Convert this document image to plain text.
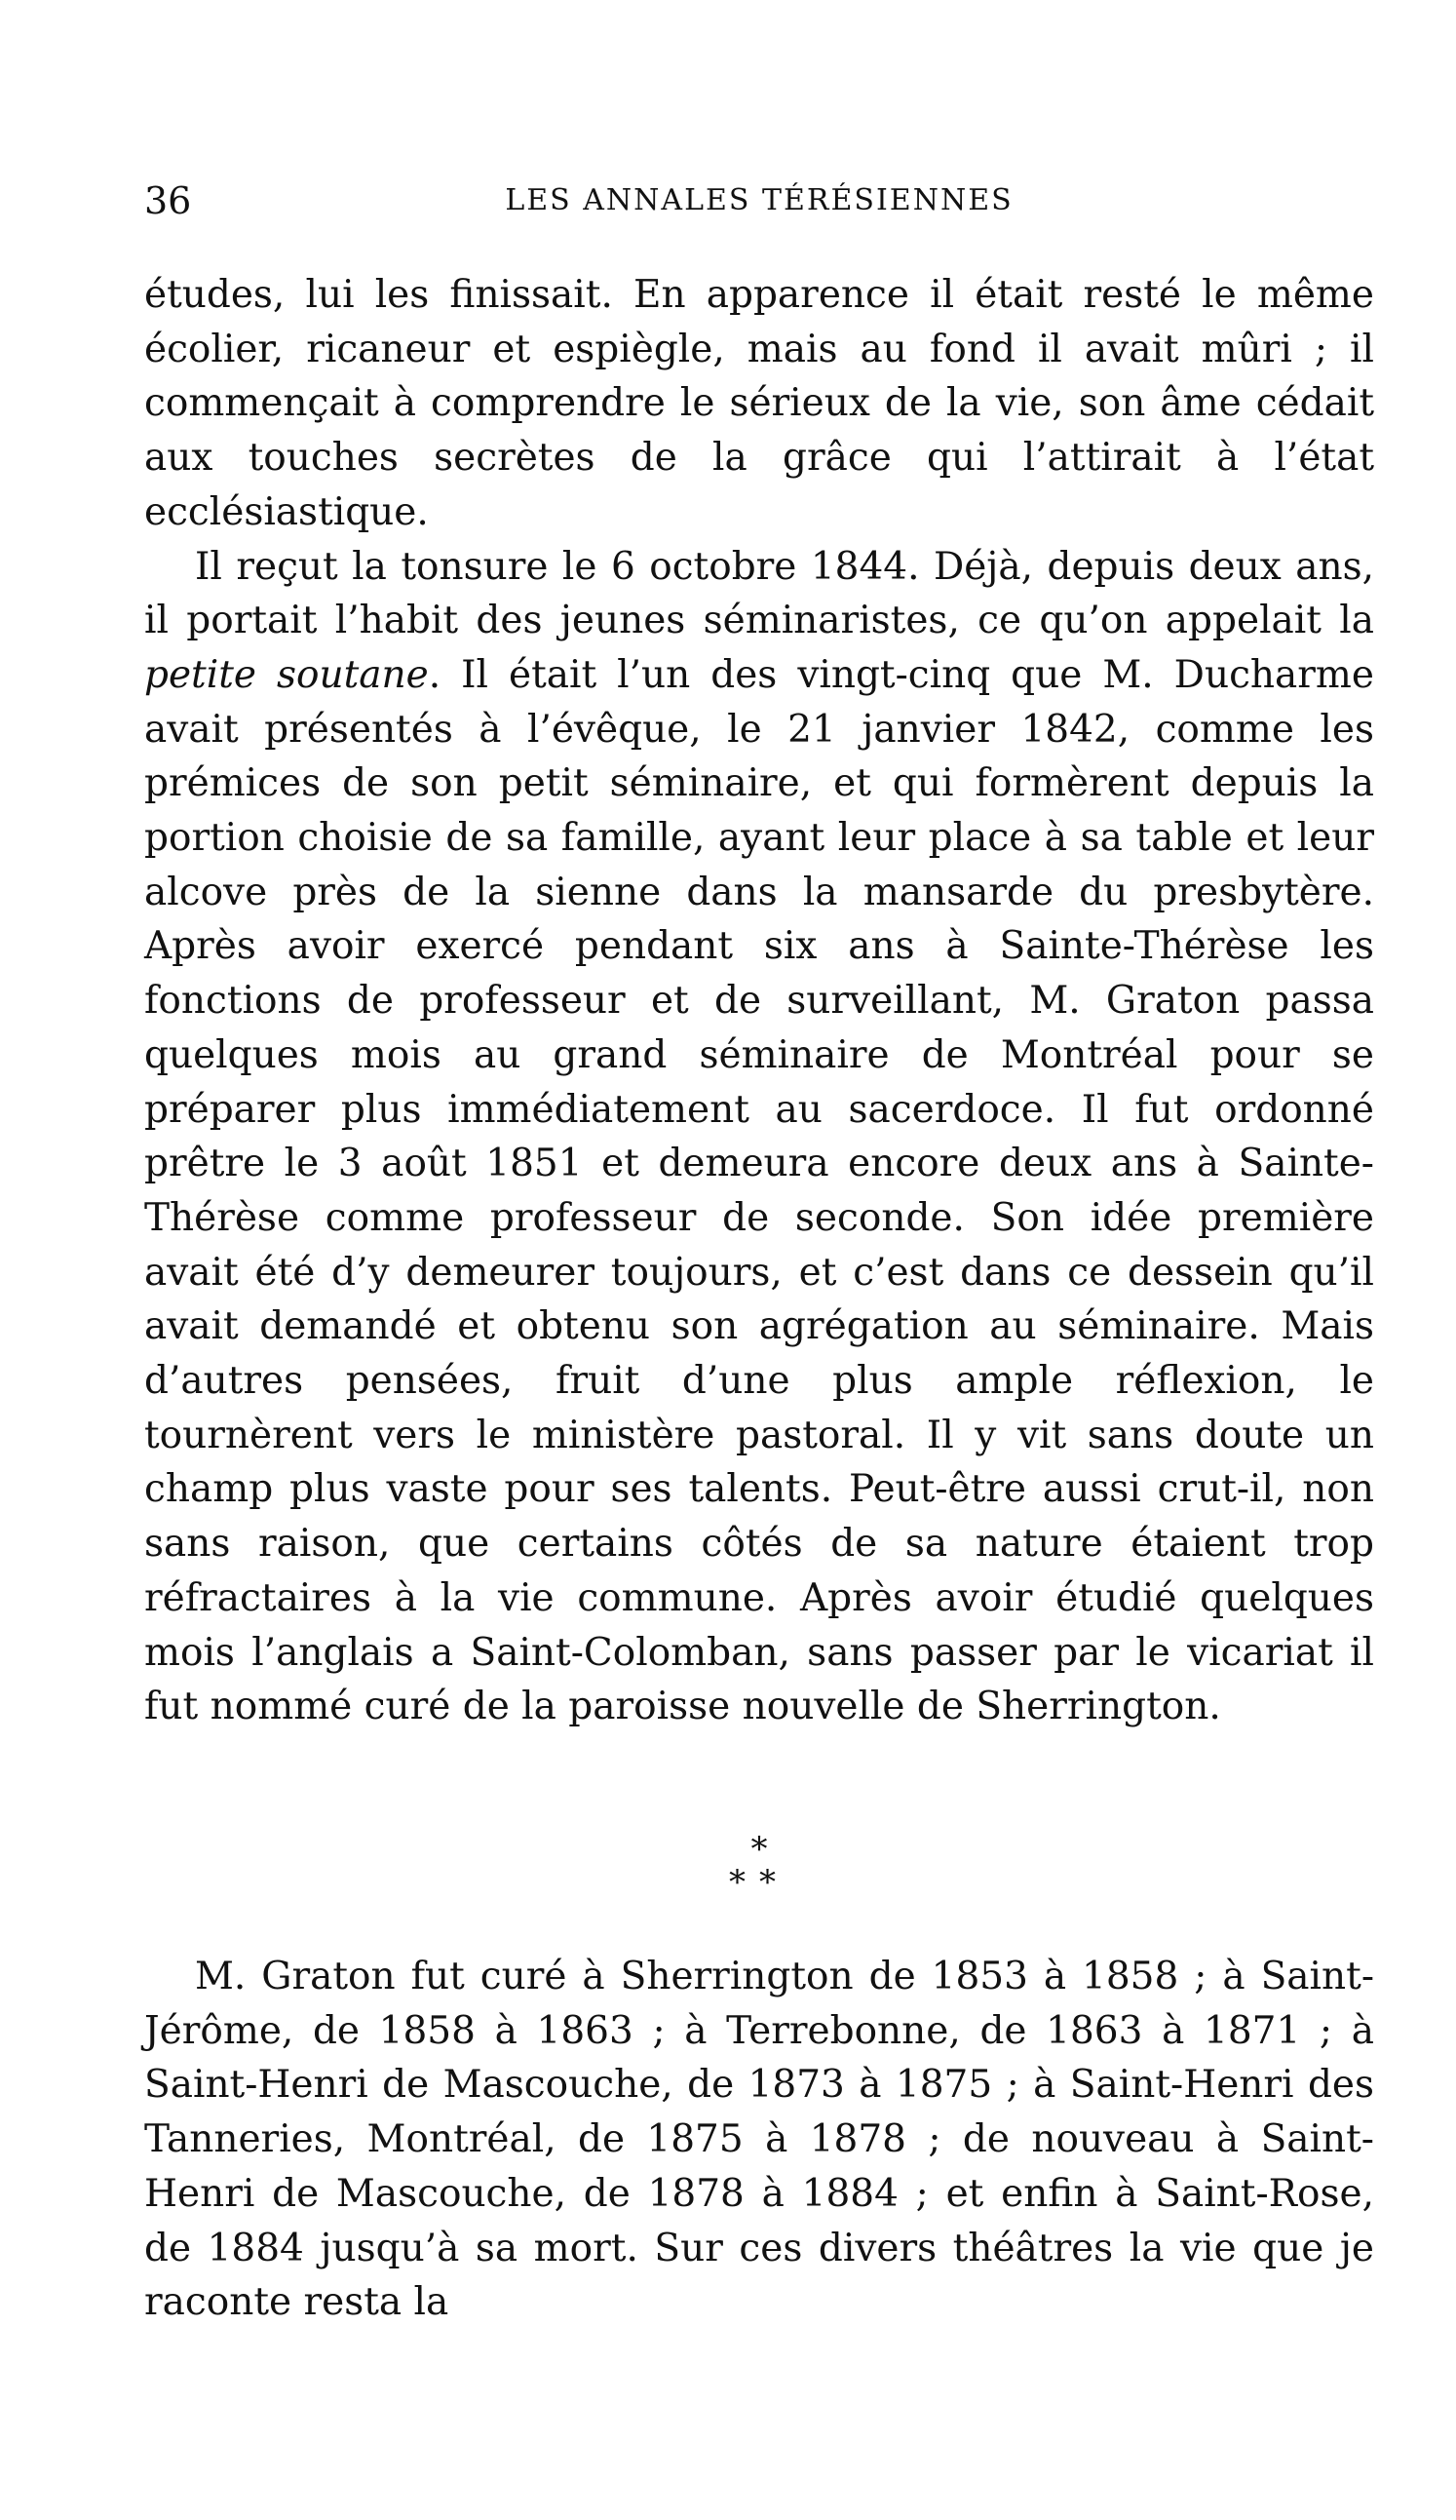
36	LES ANNALES TÉRÉSIENNES

études, lui les finissait. En apparence il était resté le même écolier, ricaneur et espiègle, mais au fond il avait mûri ; il commençait à comprendre le sérieux de la vie, son âme cédait aux touches secrètes de la grâce qui l’attirait à l’état ecclésiastique.

Il reçut la tonsure le 6 octobre 1844. Déjà, depuis deux ans, il portait l’habit des jeunes séminaristes, ce qu’on appelait la petite soutane. Il était l’un des vingt-cinq que M. Ducharme avait présentés à l’évêque, le 21 janvier 1842, comme les prémices de son petit séminaire, et qui formèrent depuis la portion choisie de sa famille, ayant leur place à sa table et leur alcove près de la sienne dans la mansarde du presbytère. Après avoir exercé pendant six ans à Sainte-Thérèse les fonctions de professeur et de surveillant, M. Graton passa quelques mois au grand séminaire de Montréal pour se préparer plus immédiatement au sacerdoce. Il fut ordonné prêtre le 3 août 1851 et demeura encore deux ans à Sainte-Thérèse comme professeur de seconde. Son idée première avait été d’y demeurer toujours, et c’est dans ce dessein qu’il avait demandé et obtenu son agrégation au séminaire. Mais d’autres pensées, fruit d’une plus ample réflexion, le tournèrent vers le ministère pastoral. Il y vit sans doute un champ plus vaste pour ses talents. Peut-être aussi crut-il, non sans raison, que certains côtés de sa nature étaient trop réfractaires à la vie commune. Après avoir étudié quelques mois l’anglais a Saint-Colomban, sans passer par le vicariat il fut nommé curé de la paroisse nouvelle de Sherrington.

*
**

M. Graton fut curé à Sherrington de 1853 à 1858 ; à Saint-Jérôme, de 1858 à 1863 ; à Terrebonne, de 1863 à 1871 ; à Saint-Henri de Mascouche, de 1873 à 1875 ; à Saint-Henri des Tanneries, Montréal, de 1875 à 1878 ; de nouveau à Saint-Henri de Mascouche, de 1878 à 1884 ; et enfin à Saint-Rose, de 1884 jusqu’à sa mort. Sur ces divers théâtres la vie que je raconte resta la
